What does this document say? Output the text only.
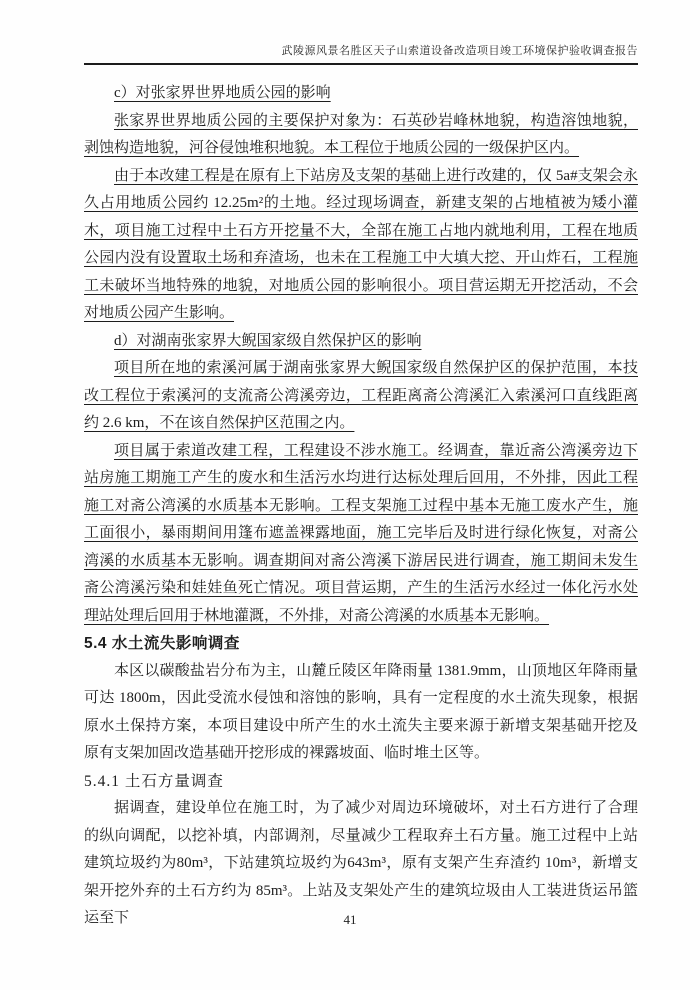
武陵源风景名胜区天子山索道设备改造项目竣工环境保护验收调查报告

c）对张家界世界地质公园的影响

张家界世界地质公园的主要保护对象为：石英砂岩峰林地貌，构造溶蚀地貌，剥蚀构造地貌，河谷侵蚀堆积地貌。本工程位于地质公园的一级保护区内。

由于本改建工程是在原有上下站房及支架的基础上进行改建的，仅 5a#支架会永久占用地质公园约 12.25m²的土地。经过现场调查，新建支架的占地植被为矮小灌木，项目施工过程中土石方开挖量不大，全部在施工占地内就地利用，工程在地质公园内没有设置取土场和弃渣场，也未在工程施工中大填大挖、开山炸石，工程施工未破坏当地特殊的地貌，对地质公园的影响很小。项目营运期无开挖活动，不会对地质公园产生影响。

d）对湖南张家界大鲵国家级自然保护区的影响

项目所在地的索溪河属于湖南张家界大鲵国家级自然保护区的保护范围，本技改工程位于索溪河的支流斋公湾溪旁边，工程距离斋公湾溪汇入索溪河口直线距离约 2.6 km，不在该自然保护区范围之内。

项目属于索道改建工程，工程建设不涉水施工。经调查，靠近斋公湾溪旁边下站房施工期施工产生的废水和生活污水均进行达标处理后回用，不外排，因此工程施工对斋公湾溪的水质基本无影响。工程支架施工过程中基本无施工废水产生，施工面很小，暴雨期间用篷布遮盖裸露地面，施工完毕后及时进行绿化恢复，对斋公湾溪的水质基本无影响。调查期间对斋公湾溪下游居民进行调查，施工期间未发生斋公湾溪污染和娃娃鱼死亡情况。项目营运期，产生的生活污水经过一体化污水处理站处理后回用于林地灌溉，不外排，对斋公湾溪的水质基本无影响。

5.4 水土流失影响调查

本区以碳酸盐岩分布为主，山麓丘陵区年降雨量 1381.9mm，山顶地区年降雨量可达 1800m，因此受流水侵蚀和溶蚀的影响，具有一定程度的水土流失现象，根据原水土保持方案，本项目建设中所产生的水土流失主要来源于新增支架基础开挖及原有支架加固改造基础开挖形成的裸露坡面、临时堆土区等。

5.4.1 土石方量调查

据调查，建设单位在施工时，为了减少对周边环境破坏，对土石方进行了合理的纵向调配，以挖补填，内部调剂，尽量减少工程取弃土石方量。施工过程中上站建筑垃圾约为80m³，下站建筑垃圾约为643m³，原有支架产生弃渣约 10m³，新增支架开挖外弃的土石方约为 85m³。上站及支架处产生的建筑垃圾由人工装进货运吊篮运至下	41
